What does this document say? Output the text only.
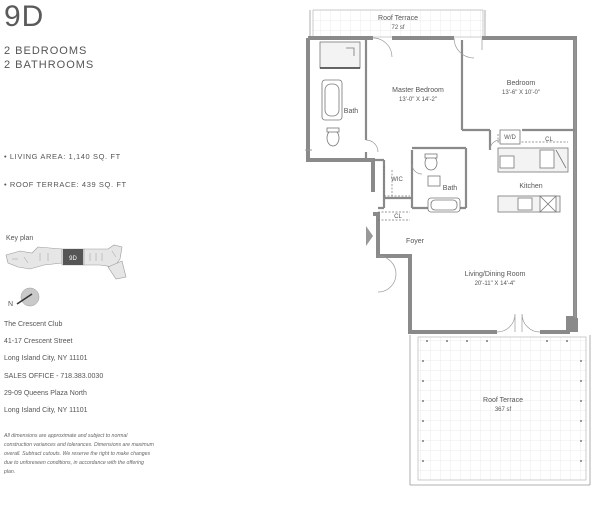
9D
2 BEDROOMS
2 BATHROOMS
• LIVING AREA: 1,140 SQ. FT
• ROOF TERRACE: 439 SQ. FT
Key plan
9D
N
The Crescent Club
41-17 Crescent Street
Long Island City, NY 11101
SALES OFFICE - 718.383.0030
29-09 Queens Plaza North
Long Island City, NY 11101
All dimensions are approximate and subject to normal construction variances and tolerances. Dimensions are maximum overall. Subtract cutouts. We reserve the right to make changes due to unforeseen conditions, in accordance with the offering plan.
Roof Terrace
72 sf
Master Bedroom
13'-0" X 14'-2"
Bedroom
13'-6" X 10'-0"
Bath
Bath
W/D	CL
WIC
Kitchen
CL
Foyer
Living/Dining Room
20'-11" X 14'-4"
Roof Terrace
367 sf
